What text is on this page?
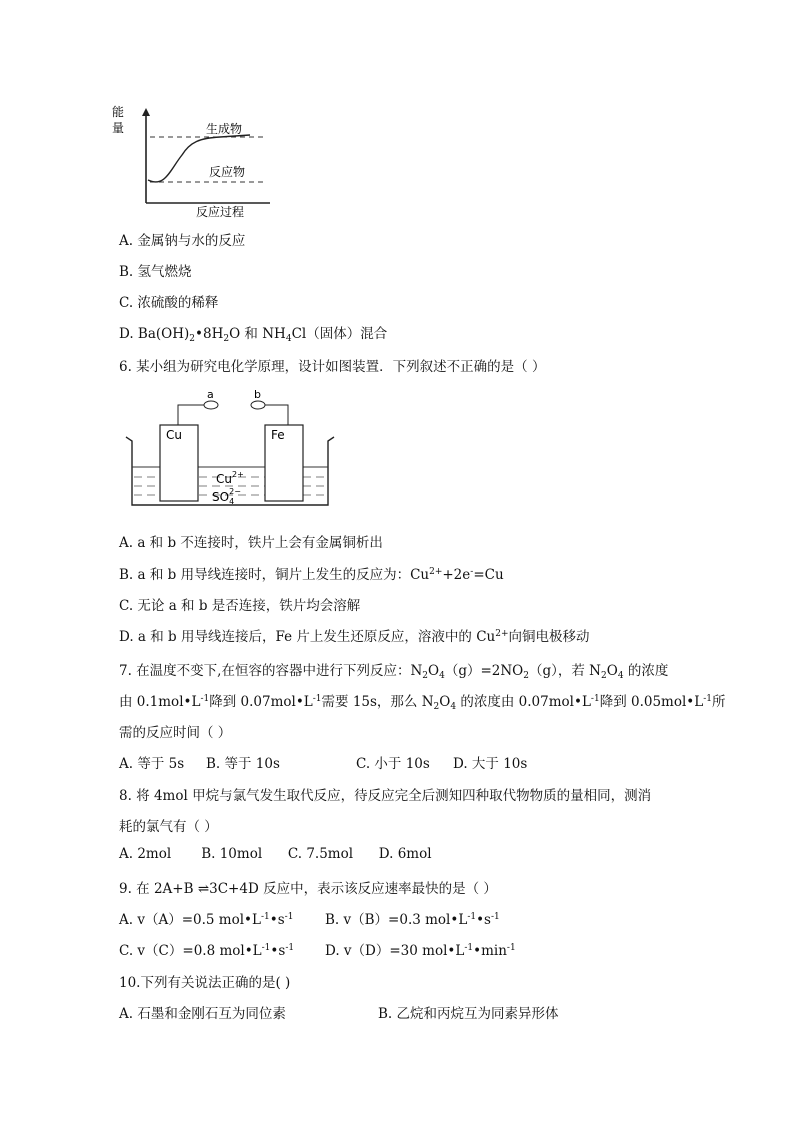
能
量	生成物
反应物
反应过程
A. 金属钠与水的反应
B. 氢气燃烧
C. 浓硫酸的稀释
D. $Ba(OH)_2•8H_2O$ 和 $NH_4Cl$（固体）混合
6. 某小组为研究电化学原理，设计如图装置．下列叙述不正确的是（ ）
a	b
Cu	Fe
$Cu^{2+}$
$SO_42-$
A. a 和 b 不连接时，铁片上会有金属铜析出
B. a 和 b 用导线连接时，铜片上发生的反应为：$Cu^{2+}+2e^-=Cu$
C. 无论 a 和 b 是否连接，铁片均会溶解
D. a 和 b 用导线连接后，Fe 片上发生还原反应，溶液中的 $Cu^{2+}$向铜电极移动
7. 在温度不变下,在恒容的容器中进行下列反应：$N_2O_4(g)=2NO_2(g)$，若 $N_2O_4$ 的浓度
由 $0.1mol•L^{-1}$降到 $0.07mol•L^{-1}$需要 15s，那么 $N_2O_4$ 的浓度由 $0.07mol•L^{-1}$降到 $0.05mol•L^{-1}$所
需的反应时间（ ）
A. 等于 5s B. 等于 10s	C. 小于 10s D. 大于 10s
8. 将 4mol 甲烷与氯气发生取代反应，待反应完全后测知四种取代物物质的量相同，测消
耗的氯气有（ ）
A. 2mol       B. 10mol      C. 7.5mol      D. 6mol
9. 在 2A+B ⇌3C+4D 反应中，表示该反应速率最快的是（ ）
A. v（A）=0.5 $mol•L^{-1}•s^{-1}$ B. v（B）=0.3 $mol•L^{-1}•s^{-1}$
C. v（C）=0.8 $mol•L^{-1}•s^{-1}$ D. v（D）=30 $mol•L^{-1}•\min^{-1}$
10.下列有关说法正确的是( )
A. 石墨和金刚石互为同位素	B. 乙烷和丙烷互为同素异形体
